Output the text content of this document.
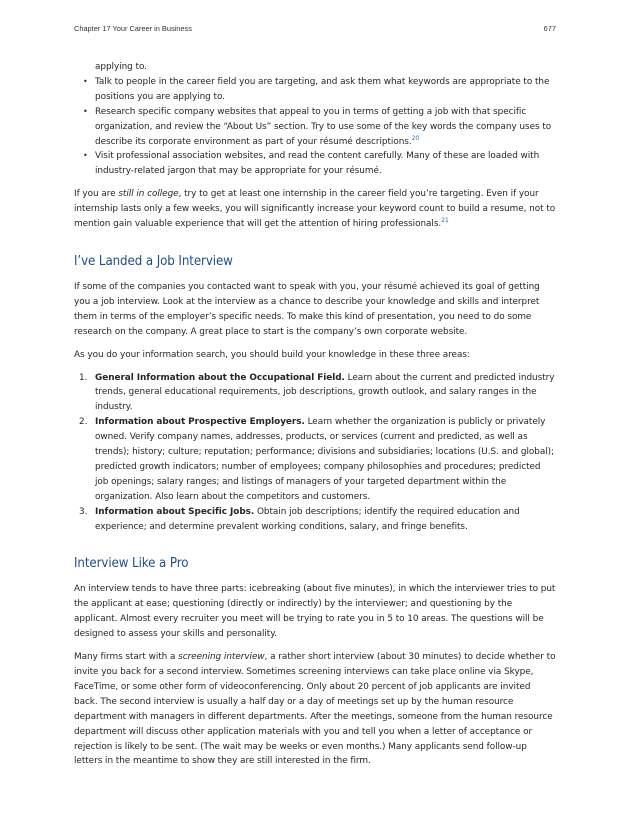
Chapter 17 Your Career in Business	677
applying to.
• Talk to people in the career field you are targeting, and ask them what keywords are appropriate to the positions you are applying to.
• Research specific company websites that appeal to you in terms of getting a job with that specific organization, and review the “About Us” section. Try to use some of the key words the company uses to describe its corporate environment as part of your résumé descriptions.$^{20}$
• Visit professional association websites, and read the content carefully. Many of these are loaded with industry-related jargon that may be appropriate for your résumé.

If you are still in college, try to get at least one internship in the career field you’re targeting. Even if your internship lasts only a few weeks, you will significantly increase your keyword count to build a resume, not to mention gain valuable experience that will get the attention of hiring professionals.$^{21}$

I’ve Landed a Job Interview

If some of the companies you contacted want to speak with you, your résumé achieved its goal of getting you a job interview. Look at the interview as a chance to describe your knowledge and skills and interpret them in terms of the employer’s specific needs. To make this kind of presentation, you need to do some research on the company. A great place to start is the company’s own corporate website.

As you do your information search, you should build your knowledge in these three areas:

1. General Information about the Occupational Field. Learn about the current and predicted industry trends, general educational requirements, job descriptions, growth outlook, and salary ranges in the industry.
2. Information about Prospective Employers. Learn whether the organization is publicly or privately owned. Verify company names, addresses, products, or services (current and predicted, as well as trends); history; culture; reputation; performance; divisions and subsidiaries; locations (U.S. and global); predicted growth indicators; number of employees; company philosophies and procedures; predicted job openings; salary ranges; and listings of managers of your targeted department within the organization. Also learn about the competitors and customers.
3. Information about Specific Jobs. Obtain job descriptions; identify the required education and experience; and determine prevalent working conditions, salary, and fringe benefits.
Interview Like a Pro

An interview tends to have three parts: icebreaking (about five minutes), in which the interviewer tries to put the applicant at ease; questioning (directly or indirectly) by the interviewer; and questioning by the applicant. Almost every recruiter you meet will be trying to rate you in 5 to 10 areas. The questions will be designed to assess your skills and personality.

Many firms start with a screening interview, a rather short interview (about 30 minutes) to decide whether to invite you back for a second interview. Sometimes screening interviews can take place online via Skype, FaceTime, or some other form of videoconferencing. Only about 20 percent of job applicants are invited back. The second interview is usually a half day or a day of meetings set up by the human resource department with managers in different departments. After the meetings, someone from the human resource department will discuss other application materials with you and tell you when a letter of acceptance or rejection is likely to be sent. (The wait may be weeks or even months.) Many applicants send follow-up letters in the meantime to show they are still interested in the firm.
